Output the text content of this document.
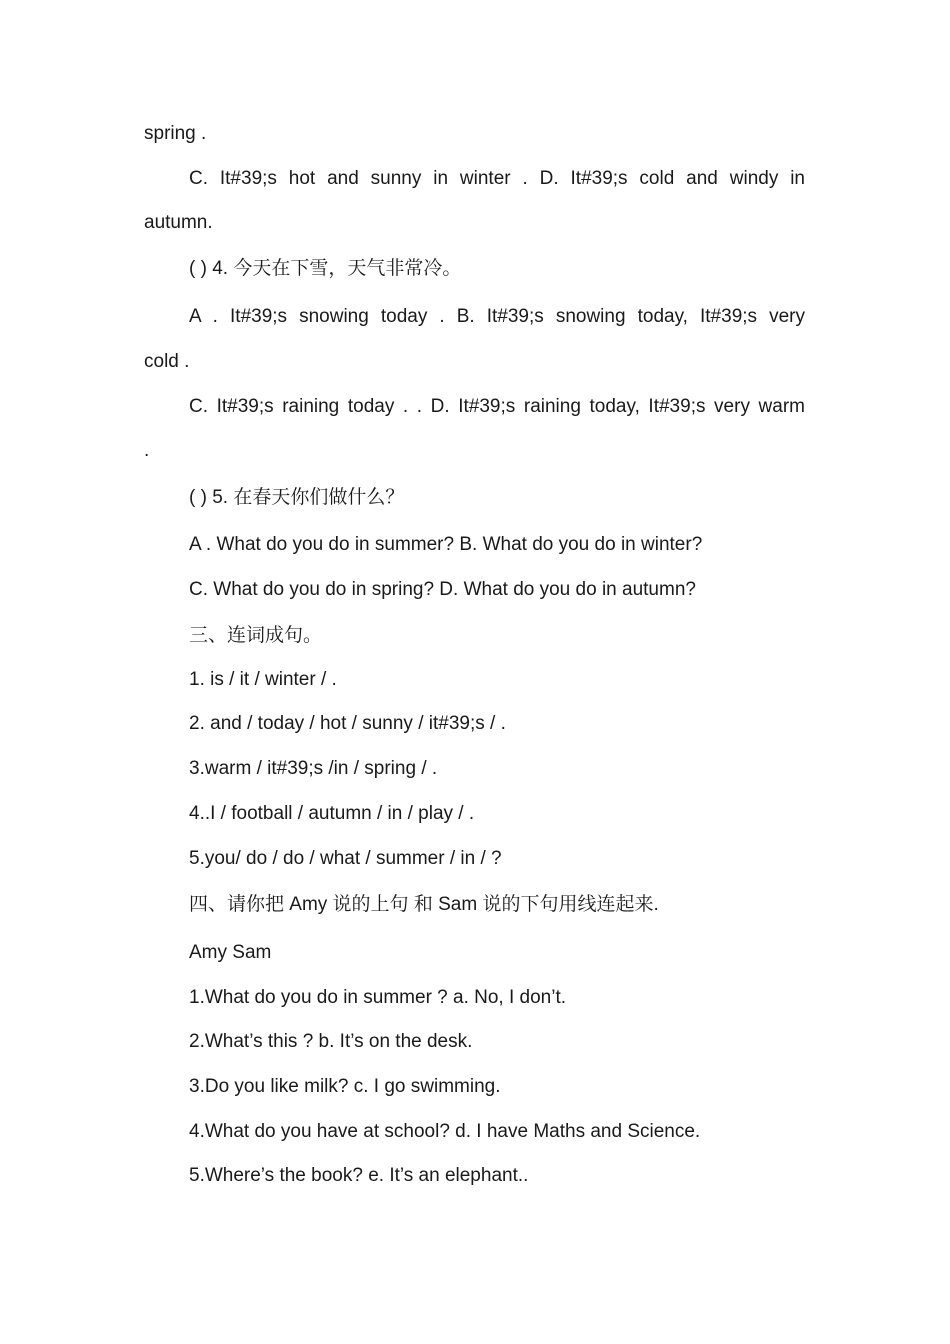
spring .
C. It#39;s hot and sunny in winter . D. It#39;s cold and windy in
autumn.
( ) 4. 今天在下雪，天气非常冷。
A . It#39;s snowing today . B. It#39;s snowing today, It#39;s very
cold .
C. It#39;s raining today . . D. It#39;s raining today, It#39;s very warm
.
( ) 5. 在春天你们做什么？
A . What do you do in summer? B. What do you do in winter?
C. What do you do in spring? D. What do you do in autumn?
三、连词成句。
1. is / it / winter / .
2. and / today / hot / sunny / it#39;s / .
3.warm / it#39;s /in / spring / .
4..I / football / autumn / in / play / .
5.you/ do / do / what / summer / in / ?
四、请你把 Amy 说的上句 和 Sam 说的下句用线连起来.
Amy Sam
1.What do you do in summer ? a. No, I don’t.
2.What’s this ? b. It’s on the desk.
3.Do you like milk? c. I go swimming.
4.What do you have at school? d. I have Maths and Science.
5.Where’s the book? e. It’s an elephant..
